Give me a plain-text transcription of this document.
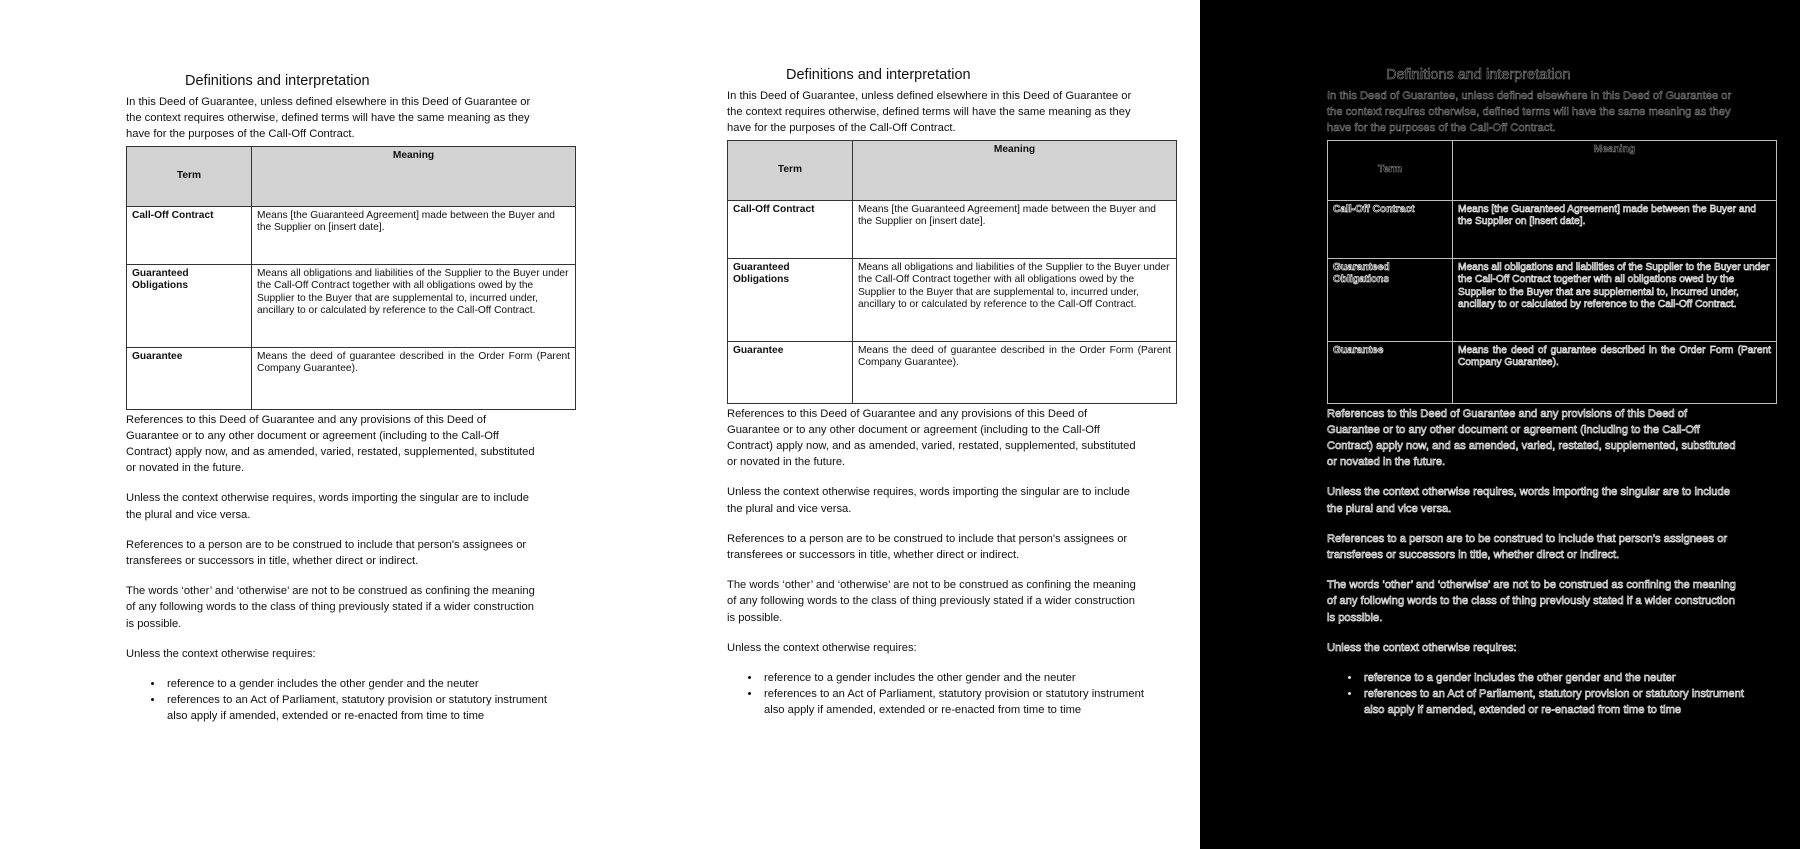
Definitions and interpretation

In this Deed of Guarantee, unless defined elsewhere in this Deed of Guarantee or the context requires otherwise, defined terms will have the same meaning as they have for the purposes of the Call-Off Contract.

Term	Meaning
Call-Off Contract	Means [the Guaranteed Agreement] made between the Buyer and the Supplier on [insert date].
Guaranteed Obligations	Means all obligations and liabilities of the Supplier to the Buyer under the Call-Off Contract together with all obligations owed by the Supplier to the Buyer that are supplemental to, incurred under, ancillary to or calculated by reference to the Call-Off Contract.
Guarantee	Means the deed of guarantee described in the Order Form (Parent Company Guarantee).

References to this Deed of Guarantee and any provisions of this Deed of Guarantee or to any other document or agreement (including to the Call-Off Contract) apply now, and as amended, varied, restated, supplemented, substituted or novated in the future.

Unless the context otherwise requires, words importing the singular are to include the plural and vice versa.

References to a person are to be construed to include that person's assignees or transferees or successors in title, whether direct or indirect.

The words ‘other’ and ‘otherwise’ are not to be construed as confining the meaning of any following words to the class of thing previously stated if a wider construction is possible.

Unless the context otherwise requires:

• reference to a gender includes the other gender and the neuter
• references to an Act of Parliament, statutory provision or statutory instrument also apply if amended, extended or re-enacted from time to time
Definitions and interpretation

In this Deed of Guarantee, unless defined elsewhere in this Deed of Guarantee or the context requires otherwise, defined terms will have the same meaning as they have for the purposes of the Call-Off Contract.

Term	Meaning
Call-Off Contract	Means [the Guaranteed Agreement] made between the Buyer and the Supplier on [insert date].
Guaranteed Obligations	Means all obligations and liabilities of the Supplier to the Buyer under the Call-Off Contract together with all obligations owed by the Supplier to the Buyer that are supplemental to, incurred under, ancillary to or calculated by reference to the Call-Off Contract.
Guarantee	Means the deed of guarantee described in the Order Form (Parent Company Guarantee).

References to this Deed of Guarantee and any provisions of this Deed of Guarantee or to any other document or agreement (including to the Call-Off Contract) apply now, and as amended, varied, restated, supplemented, substituted or novated in the future.

Unless the context otherwise requires, words importing the singular are to include the plural and vice versa.

References to a person are to be construed to include that person's assignees or transferees or successors in title, whether direct or indirect.

The words ‘other’ and ‘otherwise’ are not to be construed as confining the meaning of any following words to the class of thing previously stated if a wider construction is possible.

Unless the context otherwise requires:

• reference to a gender includes the other gender and the neuter
• references to an Act of Parliament, statutory provision or statutory instrument also apply if amended, extended or re-enacted from time to time
Definitions and interpretation

In this Deed of Guarantee, unless defined elsewhere in this Deed of Guarantee or the context requires otherwise, defined terms will have the same meaning as they have for the purposes of the Call-Off Contract.

Term	Meaning
Call-Off Contract	Means [the Guaranteed Agreement] made between the Buyer and the Supplier on [insert date].
Guaranteed Obligations	Means all obligations and liabilities of the Supplier to the Buyer under the Call-Off Contract together with all obligations owed by the Supplier to the Buyer that are supplemental to, incurred under, ancillary to or calculated by reference to the Call-Off Contract.
Guarantee	Means the deed of guarantee described in the Order Form (Parent Company Guarantee).

References to this Deed of Guarantee and any provisions of this Deed of Guarantee or to any other document or agreement (including to the Call-Off Contract) apply now, and as amended, varied, restated, supplemented, substituted or novated in the future.

Unless the context otherwise requires, words importing the singular are to include the plural and vice versa.

References to a person are to be construed to include that person's assignees or transferees or successors in title, whether direct or indirect.

The words ‘other’ and ‘otherwise’ are not to be construed as confining the meaning of any following words to the class of thing previously stated if a wider construction is possible.

Unless the context otherwise requires:

• reference to a gender includes the other gender and the neuter
• references to an Act of Parliament, statutory provision or statutory instrument also apply if amended, extended or re-enacted from time to time
